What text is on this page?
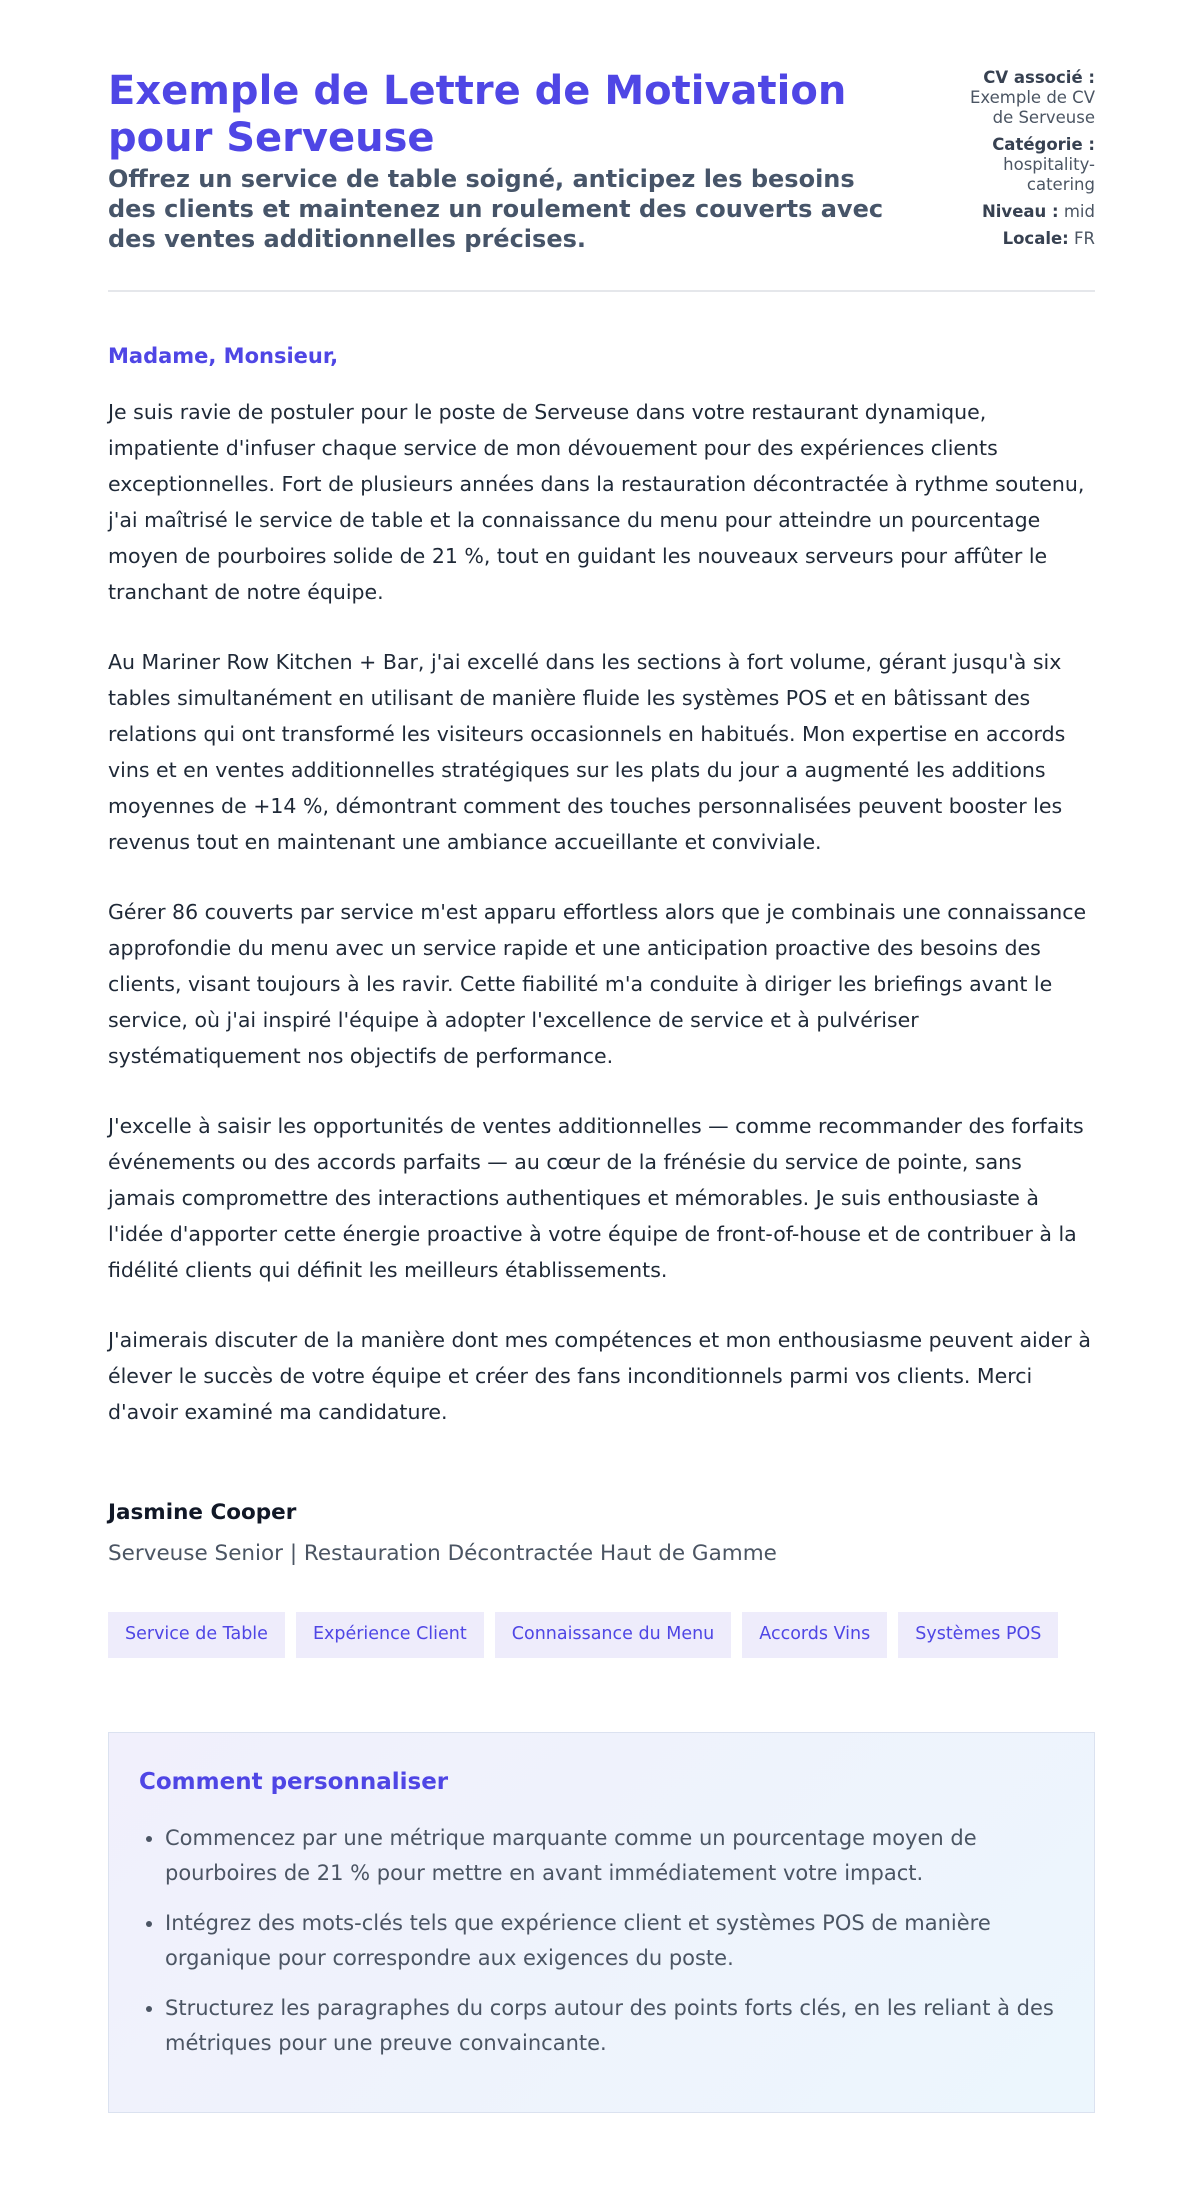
Exemple de Lettre de Motivation pour Serveuse
Offrez un service de table soigné, anticipez les besoins des clients et maintenez un roulement des couverts avec des ventes additionnelles précises.
CV associé :
Exemple de CV de Serveuse
Catégorie :
hospitality-catering
Niveau : mid
Locale: FR
Madame, Monsieur,

Je suis ravie de postuler pour le poste de Serveuse dans votre restaurant dynamique, impatiente d'infuser chaque service de mon dévouement pour des expériences clients exceptionnelles. Fort de plusieurs années dans la restauration décontractée à rythme soutenu, j'ai maîtrisé le service de table et la connaissance du menu pour atteindre un pourcentage moyen de pourboires solide de 21 %, tout en guidant les nouveaux serveurs pour affûter le tranchant de notre équipe.

Au Mariner Row Kitchen + Bar, j'ai excellé dans les sections à fort volume, gérant jusqu'à six tables simultanément en utilisant de manière fluide les systèmes POS et en bâtissant des relations qui ont transformé les visiteurs occasionnels en habitués. Mon expertise en accords vins et en ventes additionnelles stratégiques sur les plats du jour a augmenté les additions moyennes de +14 %, démontrant comment des touches personnalisées peuvent booster les revenus tout en maintenant une ambiance accueillante et conviviale.

Gérer 86 couverts par service m'est apparu effortless alors que je combinais une connaissance approfondie du menu avec un service rapide et une anticipation proactive des besoins des clients, visant toujours à les ravir. Cette fiabilité m'a conduite à diriger les briefings avant le service, où j'ai inspiré l'équipe à adopter l'excellence de service et à pulvériser systématiquement nos objectifs de performance.

J'excelle à saisir les opportunités de ventes additionnelles — comme recommander des forfaits événements ou des accords parfaits — au cœur de la frénésie du service de pointe, sans jamais compromettre des interactions authentiques et mémorables. Je suis enthousiaste à l'idée d'apporter cette énergie proactive à votre équipe de front-of-house et de contribuer à la fidélité clients qui définit les meilleurs établissements.

J'aimerais discuter de la manière dont mes compétences et mon enthousiasme peuvent aider à élever le succès de votre équipe et créer des fans inconditionnels parmi vos clients. Merci d'avoir examiné ma candidature.

Jasmine Cooper
Serveuse Senior | Restauration Décontractée Haut de Gamme
Service de Table	Expérience Client	Connaissance du Menu	Accords Vins	Systèmes POS
Comment personnaliser
• Commencez par une métrique marquante comme un pourcentage moyen de pourboires de 21 % pour mettre en avant immédiatement votre impact.
• Intégrez des mots-clés tels que expérience client et systèmes POS de manière organique pour correspondre aux exigences du poste.
• Structurez les paragraphes du corps autour des points forts clés, en les reliant à des métriques pour une preuve convaincante.
